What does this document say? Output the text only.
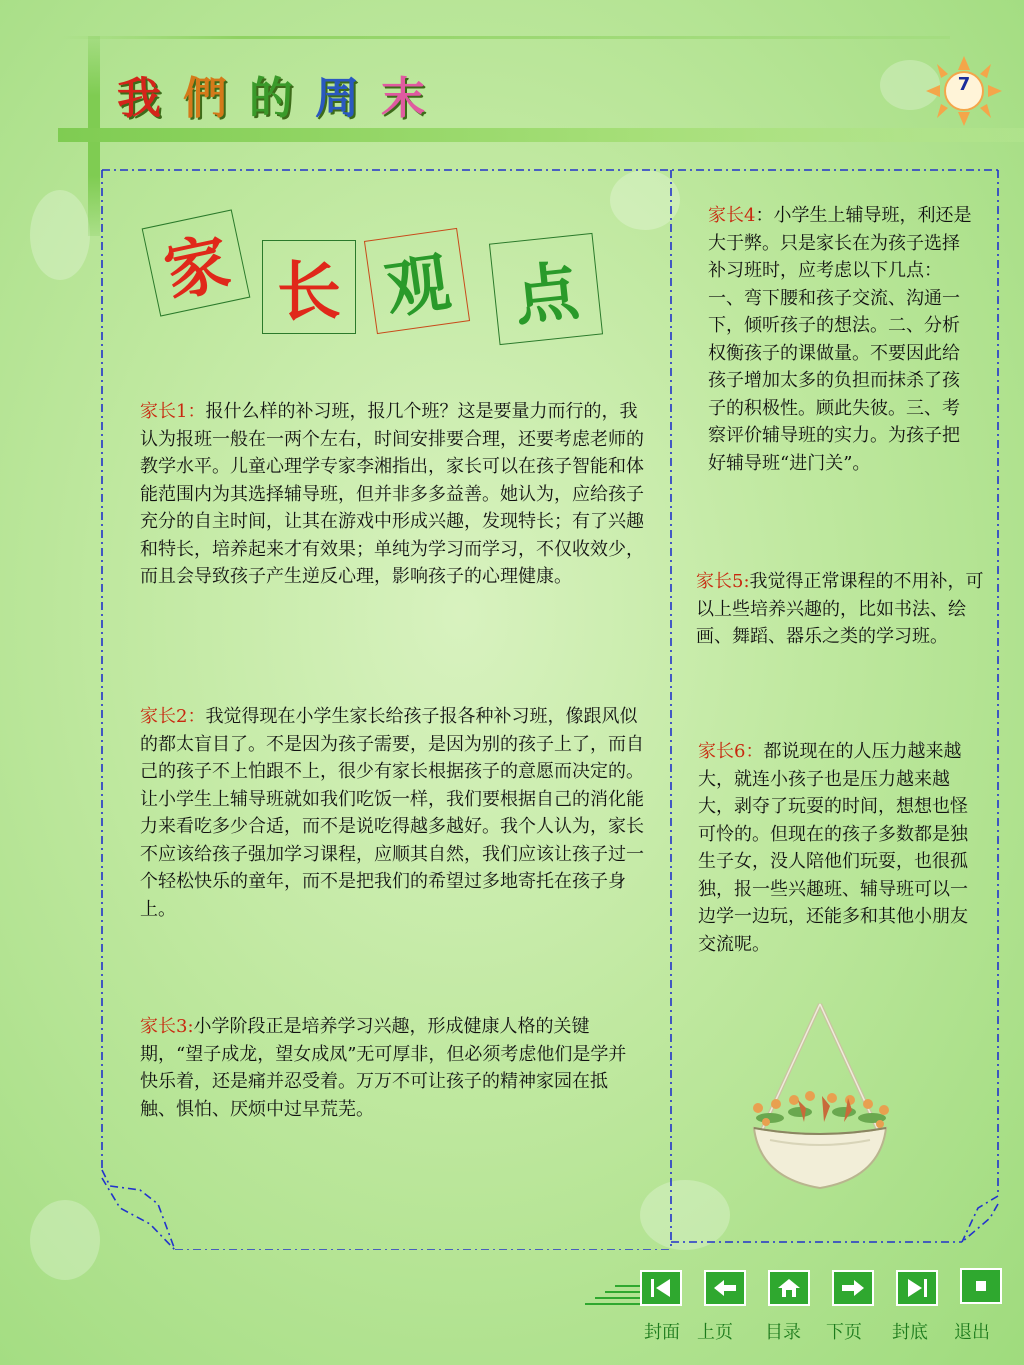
我 們 的 周 末	7
家 长 观 点

家长1：报什么样的补习班，报几个班？这是要量力而行的，我认为报班一般在一两个左右，时间安排要合理，还要考虑老师的教学水平。儿童心理学专家李湘指出，家长可以在孩子智能和体能范围内为其选择辅导班，但并非多多益善。她认为，应给孩子充分的自主时间，让其在游戏中形成兴趣，发现特长；有了兴趣和特长，培养起来才有效果；单纯为学习而学习，不仅收效少，而且会导致孩子产生逆反心理，影响孩子的心理健康。

家长2：我觉得现在小学生家长给孩子报各种补习班，像跟风似的都太盲目了。不是因为孩子需要，是因为别的孩子上了，而自己的孩子不上怕跟不上，很少有家长根据孩子的意愿而决定的。让小学生上辅导班就如我们吃饭一样，我们要根据自己的消化能力来看吃多少合适，而不是说吃得越多越好。我个人认为，家长不应该给孩子强加学习课程，应顺其自然，我们应该让孩子过一个轻松快乐的童年，而不是把我们的希望过多地寄托在孩子身上。

家长3:小学阶段正是培养学习兴趣，形成健康人格的关键期，“望子成龙，望女成凤”无可厚非，但必须考虑他们是学并快乐着，还是痛并忍受着。万万不可让孩子的精神家园在抵触、惧怕、厌烦中过早荒芜。

家长4：小学生上辅导班，利还是大于弊。只是家长在为孩子选择补习班时，应考虑以下几点：一、弯下腰和孩子交流、沟通一下，倾听孩子的想法。二、分析权衡孩子的课做量。不要因此给孩子增加太多的负担而抹杀了孩子的积极性。顾此失彼。三、考察评价辅导班的实力。为孩子把好辅导班“进门关”。

家长5:我觉得正常课程的不用补，可以上些培养兴趣的，比如书法、绘画、舞蹈、器乐之类的学习班。

家长6：都说现在的人压力越来越大，就连小孩子也是压力越来越大，剥夺了玩耍的时间，想想也怪可怜的。但现在的孩子多数都是独生子女，没人陪他们玩耍，也很孤独，报一些兴趣班、辅导班可以一边学一边玩，还能多和其他小朋友交流呢。

封面 上页 目录 下页 封底 退出
